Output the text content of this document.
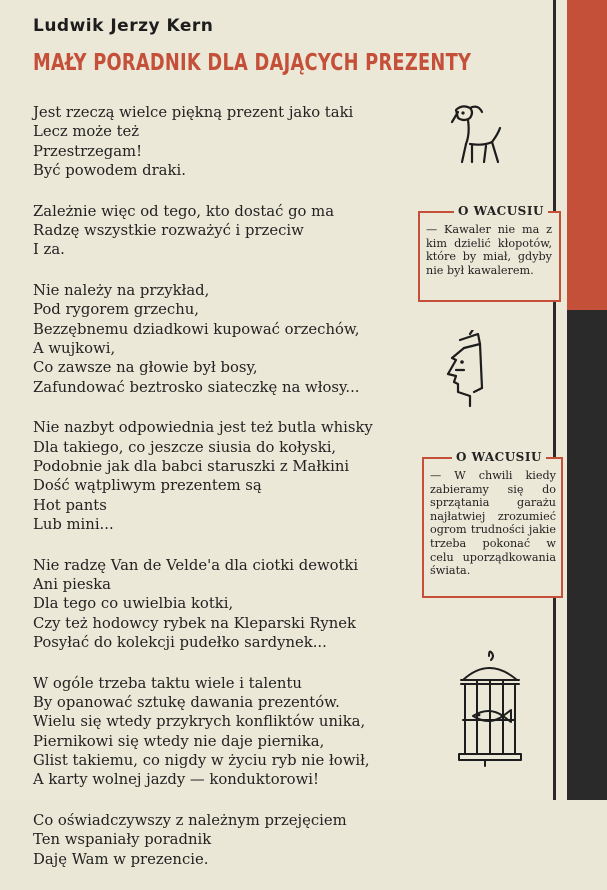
Ludwik Jerzy Kern
MAŁY PORADNIK DLA DAJĄCYCH PREZENTY
Jest rzeczą wielce piękną prezent jako taki
Lecz może też
Przestrzegam!
Być powodem draki.
Zależnie więc od tego, kto dostać go ma
Radzę wszystkie rozważyć i przeciw
I za.
Nie należy na przykład,
Pod rygorem grzechu,
Bezzębnemu dziadkowi kupować orzechów,
A wujkowi,
Co zawsze na głowie był bosy,
Zafundować beztrosko siateczkę na włosy...
Nie nazbyt odpowiednia jest też butla whisky
Dla takiego, co jeszcze siusia do kołyski,
Podobnie jak dla babci staruszki z Małkini
Dość wątpliwym prezentem są
Hot pants
Lub mini...
Nie radzę Van de Velde'a dla ciotki dewotki
Ani pieska
Dla tego co uwielbia kotki,
Czy też hodowcy rybek na Kleparski Rynek
Posyłać do kolekcji pudełko sardynek...
W ogóle trzeba taktu wiele i talentu
By opanować sztukę dawania prezentów.
Wielu się wtedy przykrych konfliktów unika,
Piernikowi się wtedy nie daje piernika,
Glist takiemu, co nigdy w życiu ryb nie łowił,
A karty wolnej jazdy — konduktorowi!
Co oświadczywszy z należnym przejęciem
Ten wspaniały poradnik
Daję Wam w prezencie.
O WACUSIU
— Kawaler nie ma z kim dzielić kłopotów, które by miał, gdyby nie był kawalerem.
O WACUSIU
— W chwili kiedy zabieramy się do sprzątania garażu najłatwiej zrozumieć ogrom trudności jakie trzeba pokonać w celu uporządkowania świata.
